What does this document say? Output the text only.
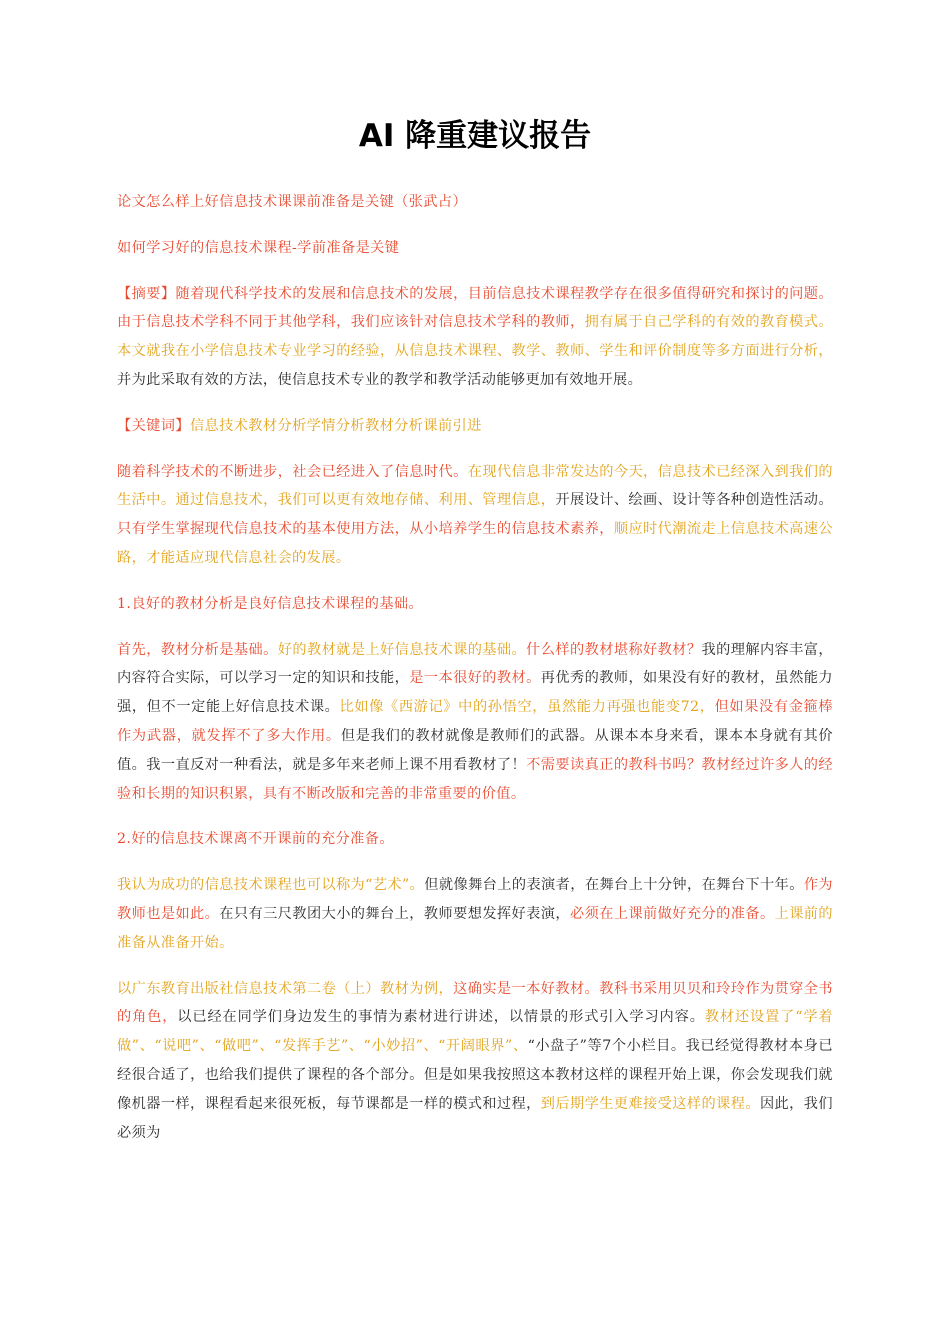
AI 降重建议报告

论文怎么样上好信息技术课课前准备是关键（张武占）

如何学习好的信息技术课程-学前准备是关键

【摘要】随着现代科学技术的发展和信息技术的发展，目前信息技术课程教学存在很多值得研究和探讨的问题。由于信息技术学科不同于其他学科，我们应该针对信息技术学科的教师，拥有属于自己学科的有效的教育模式。本文就我在小学信息技术专业学习的经验，从信息技术课程、教学、教师、学生和评价制度等多方面进行分析，并为此采取有效的方法，使信息技术专业的教学和教学活动能够更加有效地开展。

【关键词】信息技术教材分析学情分析教材分析课前引进

随着科学技术的不断进步，社会已经进入了信息时代。在现代信息非常发达的今天，信息技术已经深入到我们的生活中。通过信息技术，我们可以更有效地存储、利用、管理信息，开展设计、绘画、设计等各种创造性活动。只有学生掌握现代信息技术的基本使用方法，从小培养学生的信息技术素养，顺应时代潮流走上信息技术高速公路，才能适应现代信息社会的发展。

1.良好的教材分析是良好信息技术课程的基础。

首先，教材分析是基础。好的教材就是上好信息技术课的基础。什么样的教材堪称好教材？我的理解内容丰富，内容符合实际，可以学习一定的知识和技能，是一本很好的教材。再优秀的教师，如果没有好的教材，虽然能力强，但不一定能上好信息技术课。比如像《西游记》中的孙悟空，虽然能力再强也能变72，但如果没有金箍棒作为武器，就发挥不了多大作用。但是我们的教材就像是教师们的武器。从课本本身来看，课本本身就有其价值。我一直反对一种看法，就是多年来老师上课不用看教材了！不需要读真正的教科书吗？教材经过许多人的经验和长期的知识积累，具有不断改版和完善的非常重要的价值。

2.好的信息技术课离不开课前的充分准备。

我认为成功的信息技术课程也可以称为“艺术”。但就像舞台上的表演者，在舞台上十分钟，在舞台下十年。作为教师也是如此。在只有三尺教团大小的舞台上，教师要想发挥好表演，必须在上课前做好充分的准备。上课前的准备从准备开始。

以广东教育出版社信息技术第二卷（上）教材为例，这确实是一本好教材。教科书采用贝贝和玲玲作为贯穿全书的角色，以已经在同学们身边发生的事情为素材进行讲述，以情景的形式引入学习内容。教材还设置了“学着做”、“说吧”、“做吧”、“发挥手艺”、“小妙招”、“开阔眼界”、“小盘子”等7个小栏目。我已经觉得教材本身已经很合适了，也给我们提供了课程的各个部分。但是如果我按照这本教材这样的课程开始上课，你会发现我们就像机器一样，课程看起来很死板，每节课都是一样的模式和过程，到后期学生更难接受这样的课程。因此，我们必须为
